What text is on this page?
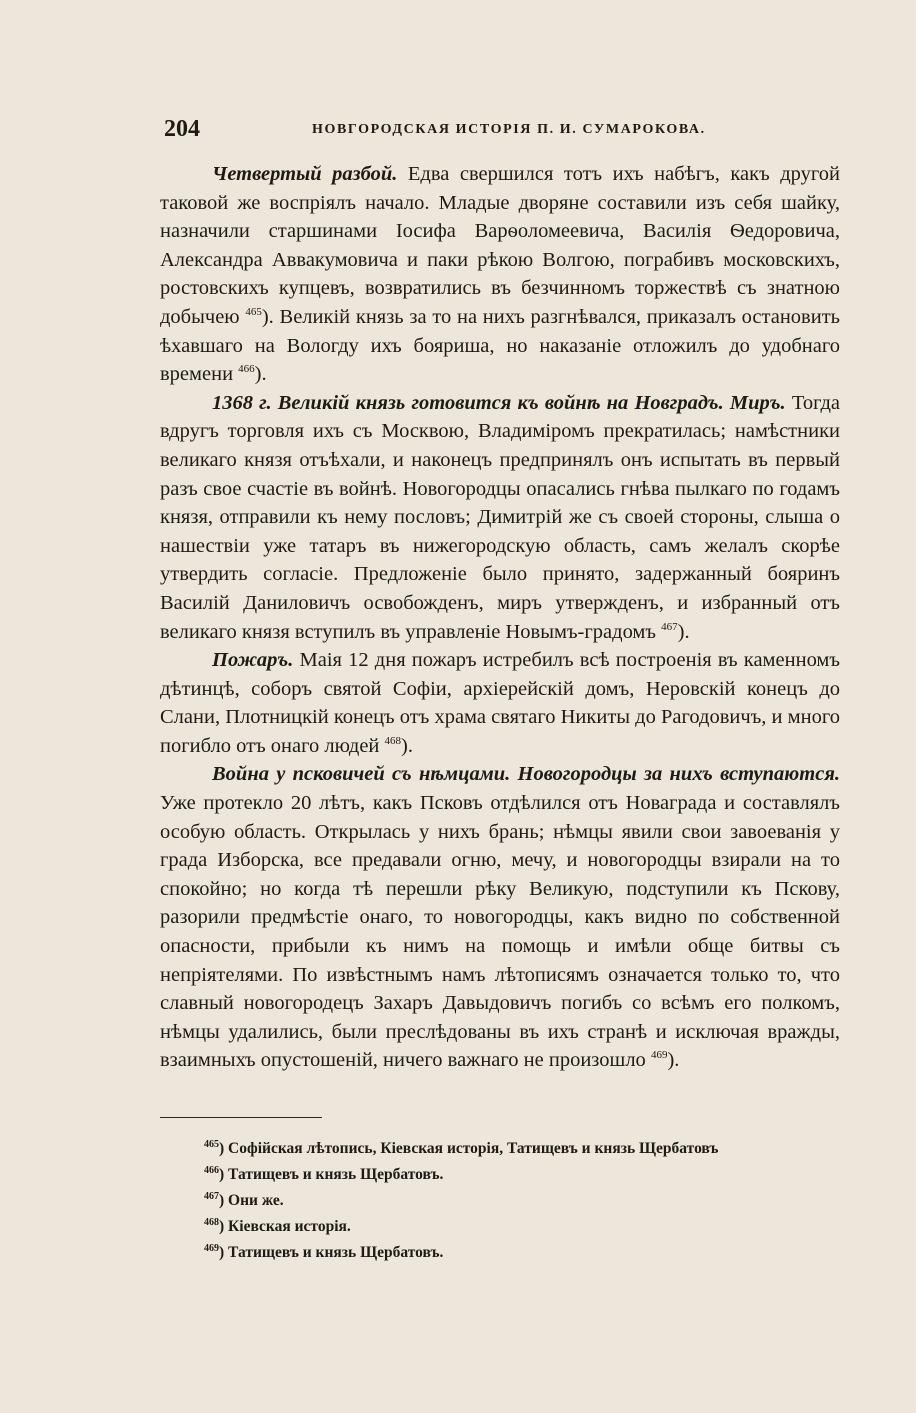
204	НОВГОРОДСКАЯ ИСТОРІЯ П. И. СУМАРОКОВА.

Четвертый разбой. Едва свершился тотъ ихъ набѣгъ, какъ другой таковой же воспріялъ начало. Младые дворяне составили изъ себя шайку, назначили старшинами Іосифа Варѳоломеевича, Василія Ѳедоровича, Александра Аввакумовича и паки рѣкою Волгою, пограбивъ московскихъ, ростовскихъ купцевъ, возвратились въ безчинномъ торжествѣ съ знатною добычею $^{465}$). Великій князь за то на нихъ разгнѣвался, приказалъ остановить ѣхавшаго на Вологду ихъ бояриша, но наказаніе отложилъ до удобнаго времени $^{466}$).

1368 г. Великій князь готовится къ войнѣ на Новградъ. Миръ. Тогда вдругъ торговля ихъ съ Москвою, Владиміромъ прекратилась; намѣстники великаго князя отъѣхали, и наконецъ предпринялъ онъ испытать въ первый разъ свое счастіе въ войнѣ. Новогородцы опасались гнѣва пылкаго по годамъ князя, отправили къ нему пословъ; Димитрій же съ своей стороны, слыша о нашествіи уже татаръ въ нижегородскую область, самъ желалъ скорѣе утвердить согласіе. Предложеніе было принято, задержанный бояринъ Василій Даниловичъ освобожденъ, миръ утвержденъ, и избранный отъ великаго князя вступилъ въ управленіе Новымъ-градомъ $^{467}$).

Пожаръ. Маія 12 дня пожаръ истребилъ всѣ построенія въ каменномъ дѣтинцѣ, соборъ святой Софіи, архіерейскій домъ, Неровскій конецъ до Слани, Плотницкій конецъ отъ храма святаго Никиты до Рагодовичъ, и много погибло отъ онаго людей $^{468}$).

Война у псковичей съ нѣмцами. Новогородцы за нихъ вступаются. Уже протекло 20 лѣтъ, какъ Псковъ отдѣлился отъ Новаграда и составлялъ особую область. Открылась у нихъ брань; нѣмцы явили свои завоеванія у града Изборска, все предавали огню, мечу, и новогородцы взирали на то спокойно; но когда тѣ перешли рѣку Великую, подступили къ Пскову, разорили предмѣстіе онаго, то новогородцы, какъ видно по собственной опасности, прибыли къ нимъ на помощь и имѣли обще битвы съ непріятелями. По извѣстнымъ намъ лѣтописямъ означается только то, что славный новогородецъ Захаръ Давыдовичъ погибъ со всѣмъ его полкомъ, нѣмцы удалились, были преслѣдованы въ ихъ странѣ и исключая вражды, взаимныхъ опустошеній, ничего важнаго не произошло $^{469}$).

$^{465}$) Софійская лѣтопись, Кіевская исторія, Татищевъ и князь Щербатовъ
$^{466}$) Татищевъ и князь Щербатовъ.
$^{467}$) Они же.
$^{468}$) Кіевская исторія.
$^{469}$) Татищевъ и князь Щербатовъ.
